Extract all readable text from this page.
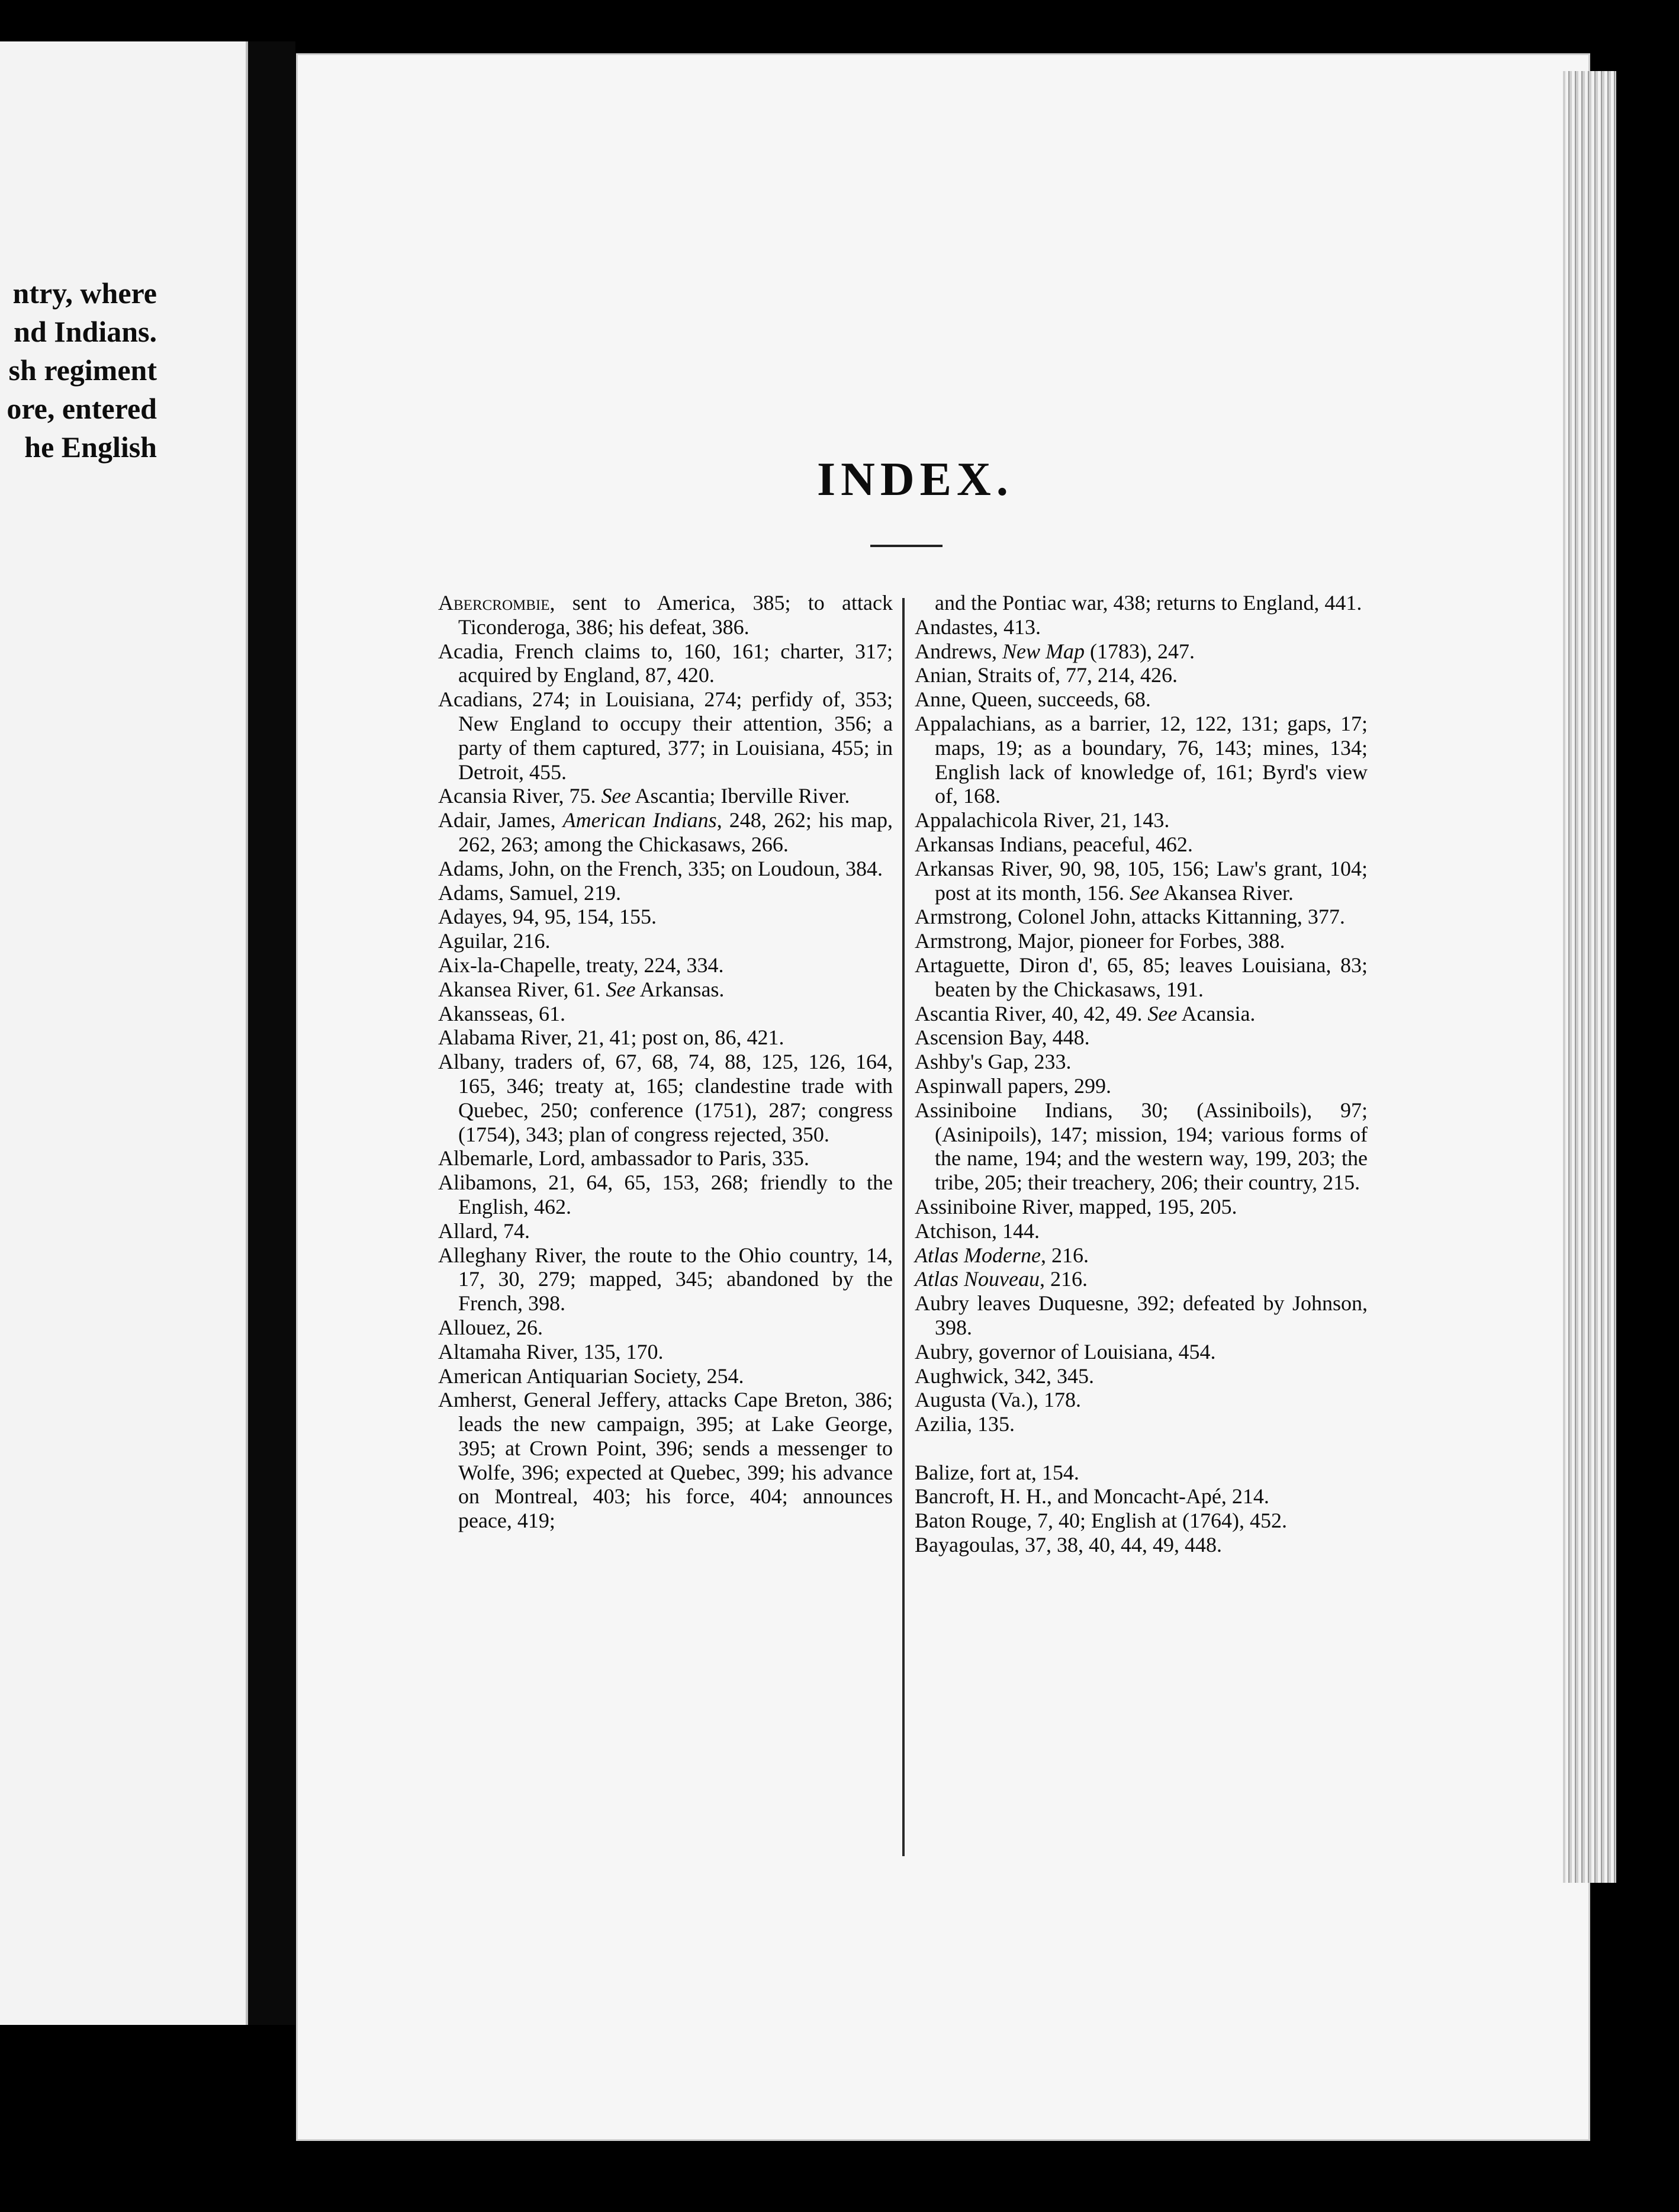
ntry, where
nd Indians.
sh regiment
ore, entered
he English
INDEX.
Abercrombie, sent to America, 385; to attack Ticonderoga, 386; his defeat, 386.
Acadia, French claims to, 160, 161; charter, 317; acquired by England, 87, 420.
Acadians, 274; in Louisiana, 274; perfidy of, 353; New England to occupy their attention, 356; a party of them captured, 377; in Louisiana, 455; in Detroit, 455.
Acansia River, 75. See Ascantia; Iberville River.
Adair, James, American Indians, 248, 262; his map, 262, 263; among the Chickasaws, 266.
Adams, John, on the French, 335; on Loudoun, 384.
Adams, Samuel, 219.
Adayes, 94, 95, 154, 155.
Aguilar, 216.
Aix-la-Chapelle, treaty, 224, 334.
Akansea River, 61. See Arkansas.
Akansseas, 61.
Alabama River, 21, 41; post on, 86, 421.
Albany, traders of, 67, 68, 74, 88, 125, 126, 164, 165, 346; treaty at, 165; clandestine trade with Quebec, 250; conference (1751), 287; congress (1754), 343; plan of congress rejected, 350.
Albemarle, Lord, ambassador to Paris, 335.
Alibamons, 21, 64, 65, 153, 268; friendly to the English, 462.
Allard, 74.
Alleghany River, the route to the Ohio country, 14, 17, 30, 279; mapped, 345; abandoned by the French, 398.
Allouez, 26.
Altamaha River, 135, 170.
American Antiquarian Society, 254.
Amherst, General Jeffery, attacks Cape Breton, 386; leads the new campaign, 395; at Lake George, 395; at Crown Point, 396; sends a messenger to Wolfe, 396; expected at Quebec, 399; his advance on Montreal, 403; his force, 404; announces peace, 419;
and the Pontiac war, 438; returns to England, 441.
Andastes, 413.
Andrews, New Map (1783), 247.
Anian, Straits of, 77, 214, 426.
Anne, Queen, succeeds, 68.
Appalachians, as a barrier, 12, 122, 131; gaps, 17; maps, 19; as a boundary, 76, 143; mines, 134; English lack of knowledge of, 161; Byrd's view of, 168.
Appalachicola River, 21, 143.
Arkansas Indians, peaceful, 462.
Arkansas River, 90, 98, 105, 156; Law's grant, 104; post at its month, 156. See Akansea River.
Armstrong, Colonel John, attacks Kittanning, 377.
Armstrong, Major, pioneer for Forbes, 388.
Artaguette, Diron d', 65, 85; leaves Louisiana, 83; beaten by the Chickasaws, 191.
Ascantia River, 40, 42, 49. See Acansia.
Ascension Bay, 448.
Ashby's Gap, 233.
Aspinwall papers, 299.
Assiniboine Indians, 30; (Assiniboils), 97; (Asinipoils), 147; mission, 194; various forms of the name, 194; and the western way, 199, 203; the tribe, 205; their treachery, 206; their country, 215.
Assiniboine River, mapped, 195, 205.
Atchison, 144.
Atlas Moderne, 216.
Atlas Nouveau, 216.
Aubry leaves Duquesne, 392; defeated by Johnson, 398.
Aubry, governor of Louisiana, 454.
Aughwick, 342, 345.
Augusta (Va.), 178.
Azilia, 135.
Balize, fort at, 154.
Bancroft, H. H., and Moncacht-Apé, 214.
Baton Rouge, 7, 40; English at (1764), 452.
Bayagoulas, 37, 38, 40, 44, 49, 448.
